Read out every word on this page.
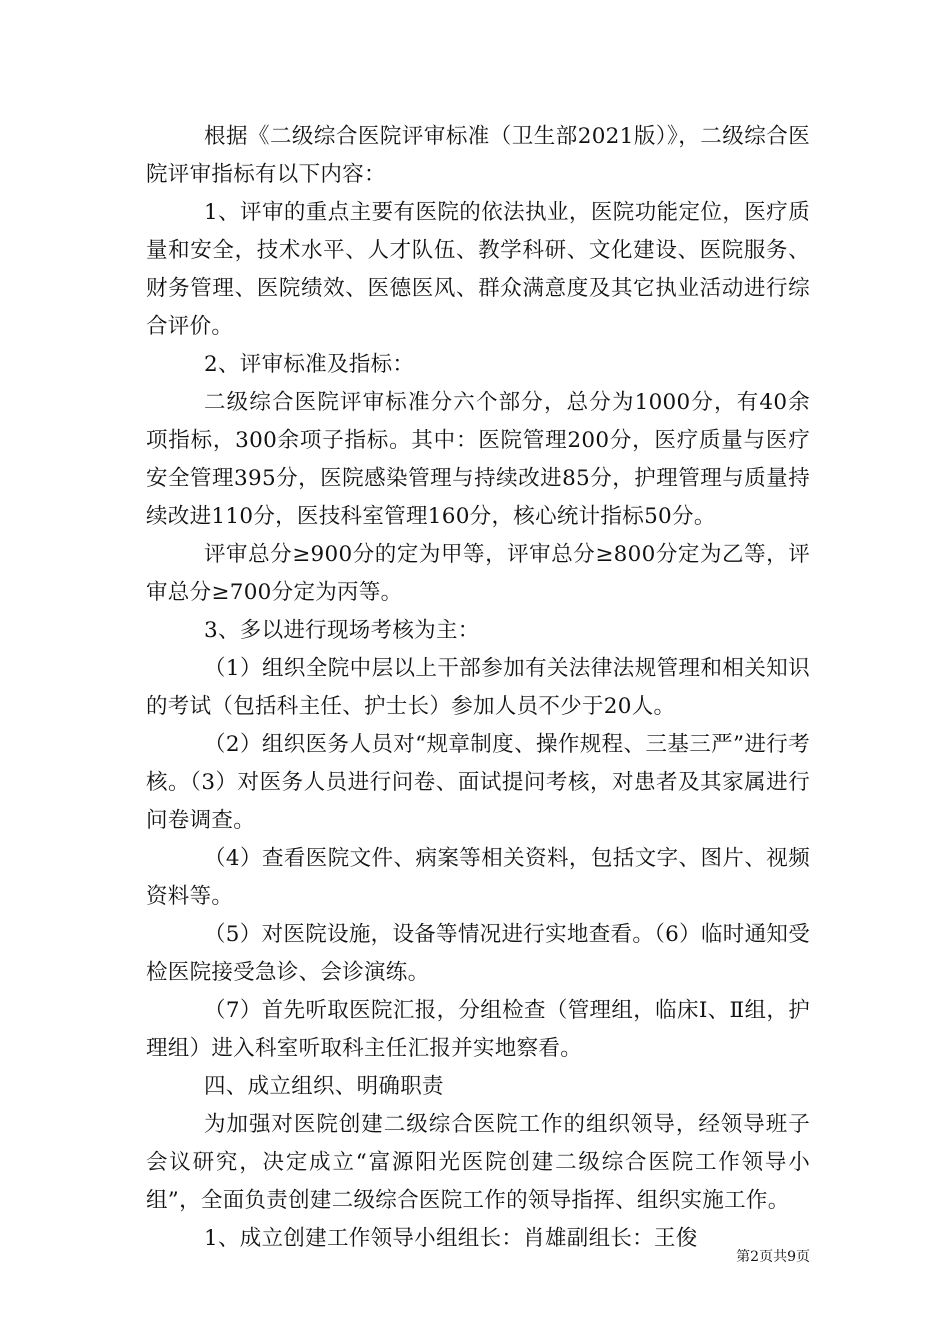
根据《二级综合医院评审标准（卫生部2021版）》，二级综合医院评审指标有以下内容：

1、评审的重点主要有医院的依法执业，医院功能定位，医疗质量和安全，技术水平、人才队伍、教学科研、文化建设、医院服务、财务管理、医院绩效、医德医风、群众满意度及其它执业活动进行综合评价。

2、评审标准及指标：

二级综合医院评审标准分六个部分，总分为1000分，有40余项指标，300余项子指标。其中：医院管理200分，医疗质量与医疗安全管理395分，医院感染管理与持续改进85分，护理管理与质量持续改进110分，医技科室管理160分，核心统计指标50分。

评审总分≥900分的定为甲等，评审总分≥800分定为乙等，评审总分≥700分定为丙等。

3、多以进行现场考核为主：

（1）组织全院中层以上干部参加有关法律法规管理和相关知识的考试（包括科主任、护士长）参加人员不少于20人。

（2）组织医务人员对“规章制度、操作规程、三基三严”进行考核。（3）对医务人员进行问卷、面试提问考核，对患者及其家属进行问卷调查。

（4）查看医院文件、病案等相关资料，包括文字、图片、视频资料等。

（5）对医院设施，设备等情况进行实地查看。（6）临时通知受检医院接受急诊、会诊演练。

（7）首先听取医院汇报，分组检查（管理组，临床Ⅰ、Ⅱ组，护理组）进入科室听取科主任汇报并实地察看。

四、成立组织、明确职责

为加强对医院创建二级综合医院工作的组织领导，经领导班子会议研究，决定成立“富源阳光医院创建二级综合医院工作领导小组”，全面负责创建二级综合医院工作的领导指挥、组织实施工作。

1、成立创建工作领导小组组长：肖雄副组长：王俊

第2页共9页
